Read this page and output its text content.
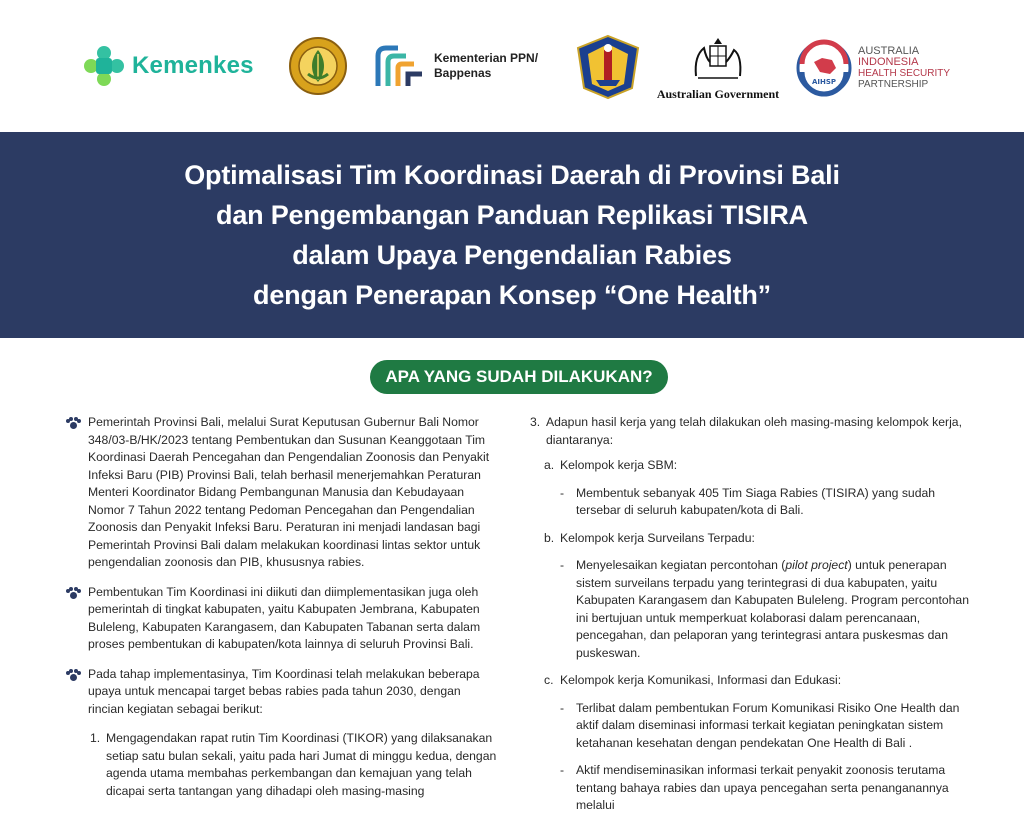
Kemenkes	Kementerian PPN/
Bappenas
Australian Government
AIHSP
AUSTRALIA INDONESIA
HEALTH SECURITY
PARTNERSHIP
Optimalisasi Tim Koordinasi Daerah di Provinsi Bali
dan Pengembangan Panduan Replikasi TISIRA
dalam Upaya Pengendalian Rabies
dengan Penerapan Konsep “One Health”
APA YANG SUDAH DILAKUKAN?
Pemerintah Provinsi Bali, melalui Surat Keputusan Gubernur Bali Nomor 348/03-B/HK/2023 tentang Pembentukan dan Susunan Keanggotaan Tim Koordinasi Daerah Pencegahan dan Pengendalian Zoonosis dan Penyakit Infeksi Baru (PIB) Provinsi Bali, telah berhasil menerjemahkan Peraturan Menteri Koordinator Bidang Pembangunan Manusia dan Kebudayaan Nomor 7 Tahun 2022 tentang Pedoman Pencegahan dan Pengendalian Zoonosis dan Penyakit Infeksi Baru. Peraturan ini menjadi landasan bagi Pemerintah Provinsi Bali dalam melakukan koordinasi lintas sektor untuk pengendalian zoonosis dan PIB, khususnya rabies.
Pembentukan Tim Koordinasi ini diikuti dan diimplementasikan juga oleh pemerintah di tingkat kabupaten, yaitu Kabupaten Jembrana, Kabupaten Buleleng, Kabupaten Karangasem, dan Kabupaten Tabanan serta dalam proses pembentukan di kabupaten/kota lainnya di seluruh Provinsi Bali.
Pada tahap implementasinya, Tim Koordinasi telah melakukan beberapa upaya untuk mencapai target bebas rabies pada tahun 2030, dengan rincian kegiatan sebagai berikut:
1. Mengagendakan rapat rutin Tim Koordinasi (TIKOR) yang dilaksanakan setiap satu bulan sekali, yaitu pada hari Jumat di minggu kedua, dengan agenda utama membahas perkembangan dan kemajuan yang telah dicapai serta tantangan yang dihadapi oleh masing-masing
3. Adapun hasil kerja yang telah dilakukan oleh masing-masing kelompok kerja, diantaranya:
a. Kelompok kerja SBM:
- Membentuk sebanyak 405 Tim Siaga Rabies (TISIRA) yang sudah tersebar di seluruh kabupaten/kota di Bali.
b. Kelompok kerja Surveilans Terpadu:
- Menyelesaikan kegiatan percontohan (pilot project) untuk penerapan sistem surveilans terpadu yang terintegrasi di dua kabupaten, yaitu Kabupaten Karangasem dan Kabupaten Buleleng. Program percontohan ini bertujuan untuk memperkuat kolaborasi dalam perencanaan, pencegahan, dan pelaporan yang terintegrasi antara puskesmas dan puskeswan.
c. Kelompok kerja Komunikasi, Informasi dan Edukasi:
- Terlibat dalam pembentukan Forum Komunikasi Risiko One Health dan aktif dalam diseminasi informasi terkait kegiatan peningkatan sistem ketahanan kesehatan dengan pendekatan One Health di Bali .
- Aktif mendiseminasikan informasi terkait penyakit zoonosis terutama tentang bahaya rabies dan upaya pencegahan serta penanganannya melalui
